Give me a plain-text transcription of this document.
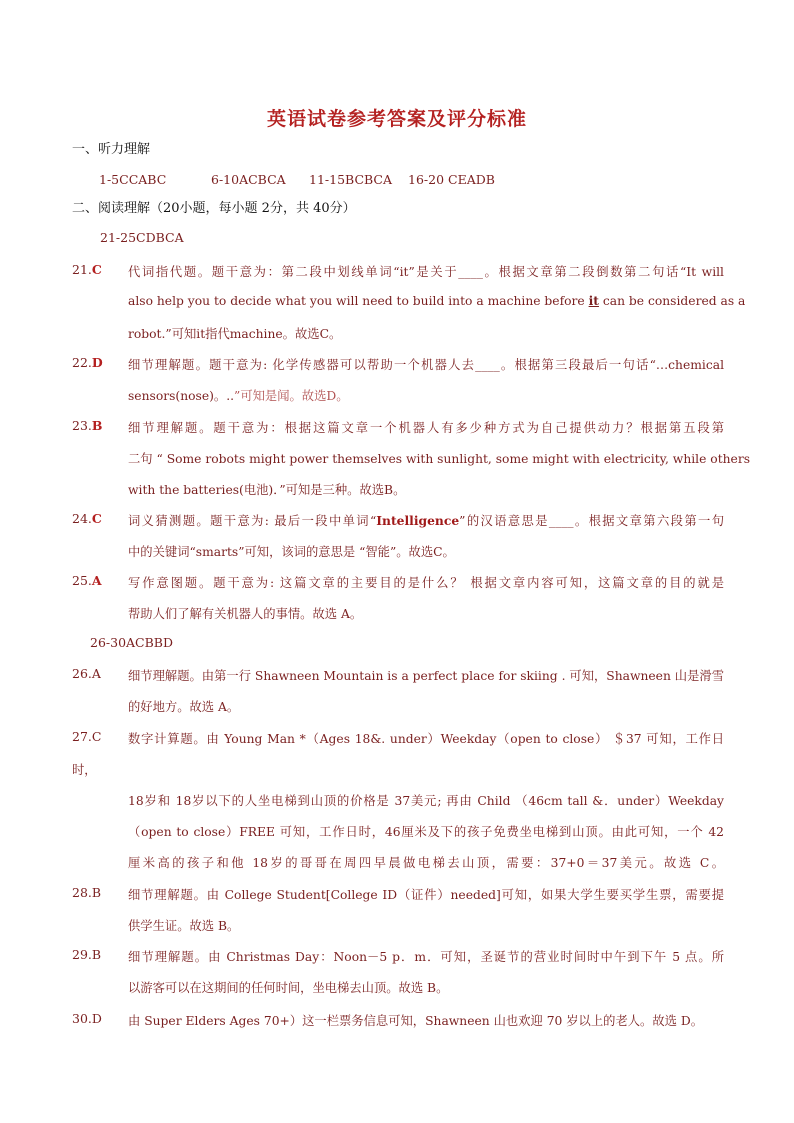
英语试卷参考答案及评分标准
一、听力理解
1-5CCABC	6-10ACBCA 11-15BCBCA 16-20 CEADB
二、阅读理解（20小题，每小题 2分，共 40分）
21-25CDBCA
21.C 代词指代题。题干意为：第二段中划线单词“it”是关于____。根据文章第二段倒数第二句话“It will
also help you to decide what you will need to build into a machine before it can be considered as a
robot.”可知it指代machine。故选C。
22.D 细节理解题。题干意为: 化学传感器可以帮助一个机器人去____。根据第三段最后一句话“…chemical
sensors(nose)。..”可知是闻。故选D。
23.B 细节理解题。题干意为：根据这篇文章一个机器人有多少种方式为自己提供动力？根据第五段第
二句 “ Some robots might power themselves with sunlight, some might with electricity, while others
with the batteries(电池)．”可知是三种。故选B。
24.C 词义猜测题。题干意为: 最后一段中单词“Intelligence”的汉语意思是____。根据文章第六段第一句
中的关键词“smarts”可知，该词的意思是 “智能”。故选C。
25.A 写作意图题。题干意为: 这篇文章的主要目的是什么？ 根据文章内容可知，这篇文章的目的就是
帮助人们了解有关机器人的事情。故选 A。
26-30ACBBD
26.A 细节理解题。由第一行 Shawneen Mountain is a perfect place for skiing . 可知，Shawneen 山是滑雪
的好地方。故选 A。
27.C 数字计算题。由 Young Man *（Ages 18&. under）Weekday（open to close） ＄37 可知，工作日
时，
18岁和 18岁以下的人坐电梯到山顶的价格是 37美元; 再由 Child （46cm tall &．under）Weekday
（open to close）FREE 可知，工作日时，46厘米及下的孩子免费坐电梯到山顶。由此可知，一个 42
厘米高的孩子和他 18岁的哥哥在周四早晨做电梯去山顶，需要：37+0＝37美元。故选 C。
28.B 细节理解题。由 College Student[College ID（证件）needed]可知，如果大学生要买学生票，需要提
供学生证。故选 B。
29.B 细节理解题。由 Christmas Day：Noon－5 p．m．可知，圣诞节的营业时间时中午到下午 5 点。所
以游客可以在这期间的任何时间，坐电梯去山顶。故选 B。
30.D 由 Super Elders Ages 70+）这一栏票务信息可知，Shawneen 山也欢迎 70 岁以上的老人。故选 D。
